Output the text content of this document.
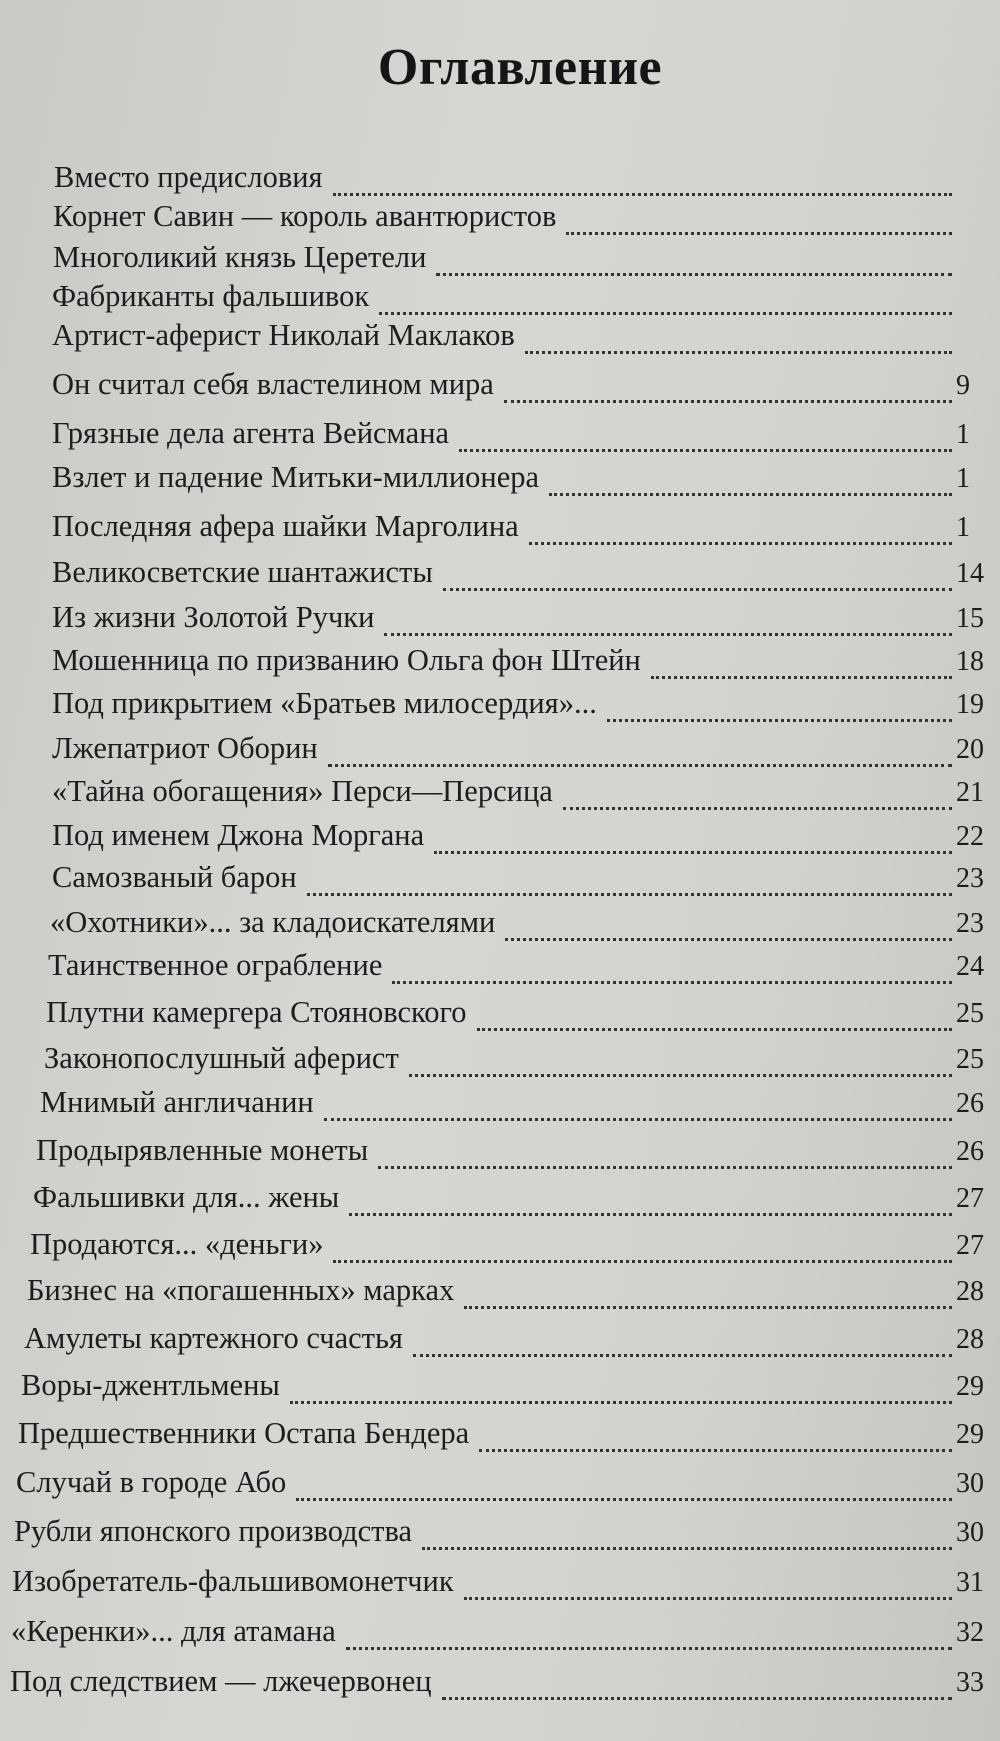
Оглавление
Вместо предисловия
Корнет Савин — король авантюристов
Многоликий князь Церетели
Фабриканты фальшивок
Артист-аферист Николай Маклаков
Он считал себя властелином мира	9
Грязные дела агента Вейсмана	1
Взлет и падение Митьки-миллионера	1
Последняя афера шайки Марголина	1
Великосветские шантажисты	14
Из жизни Золотой Ручки	15
Мошенница по призванию Ольга фон Штейн	18
Под прикрытием «Братьев милосердия»...	19
Лжепатриот Оборин	20
«Тайна обогащения» Перси—Персица	21
Под именем Джона Моргана	22
Самозваный барон	23
«Охотники»... за кладоискателями	23
Таинственное ограбление	24
Плутни камергера Стояновского	25
Законопослушный аферист	25
Мнимый англичанин	26
Продырявленные монеты	26
Фальшивки для... жены	27
Продаются... «деньги»	27
Бизнес на «погашенных» марках	28
Амулеты картежного счастья	28
Воры-джентльмены	29
Предшественники Остапа Бендера	29
Случай в городе Або	30
Рубли японского производства	30
Изобретатель-фальшивомонетчик	31
«Керенки»... для атамана	32
Под следствием — лжечервонец	33
